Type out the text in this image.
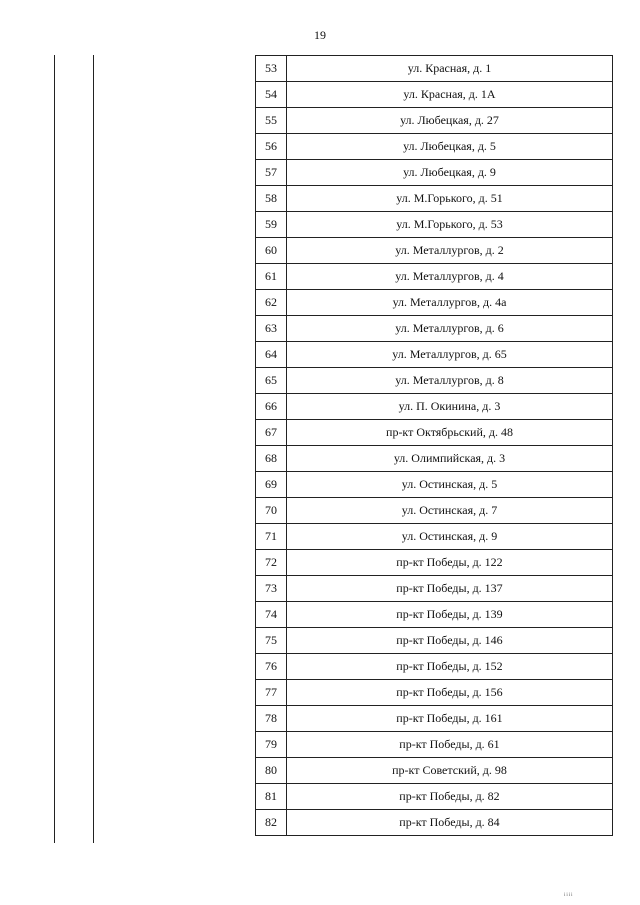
19
53	ул. Красная, д. 1
54	ул. Красная, д. 1А
55	ул. Любецкая, д. 27
56	ул. Любецкая, д. 5
57	ул. Любецкая, д. 9
58	ул. М.Горького, д. 51
59	ул. М.Горького, д. 53
60	ул. Металлургов, д. 2
61	ул. Металлургов, д. 4
62	ул. Металлургов, д. 4а
63	ул. Металлургов, д. 6
64	ул. Металлургов, д. 65
65	ул. Металлургов, д. 8
66	ул. П. Окинина, д. 3
67	пр-кт Октябрьский, д. 48
68	ул. Олимпийская, д. 3
69	ул. Остинская, д. 5
70	ул. Остинская, д. 7
71	ул. Остинская, д. 9
72	пр-кт Победы, д. 122
73	пр-кт Победы, д. 137
74	пр-кт Победы, д. 139
75	пр-кт Победы, д. 146
76	пр-кт Победы, д. 152
77	пр-кт Победы, д. 156
78	пр-кт Победы, д. 161
79	пр-кт Победы, д. 61
80	пр-кт Советский, д. 98
81	пр-кт Победы, д. 82
82	пр-кт Победы, д. 84
iiii
